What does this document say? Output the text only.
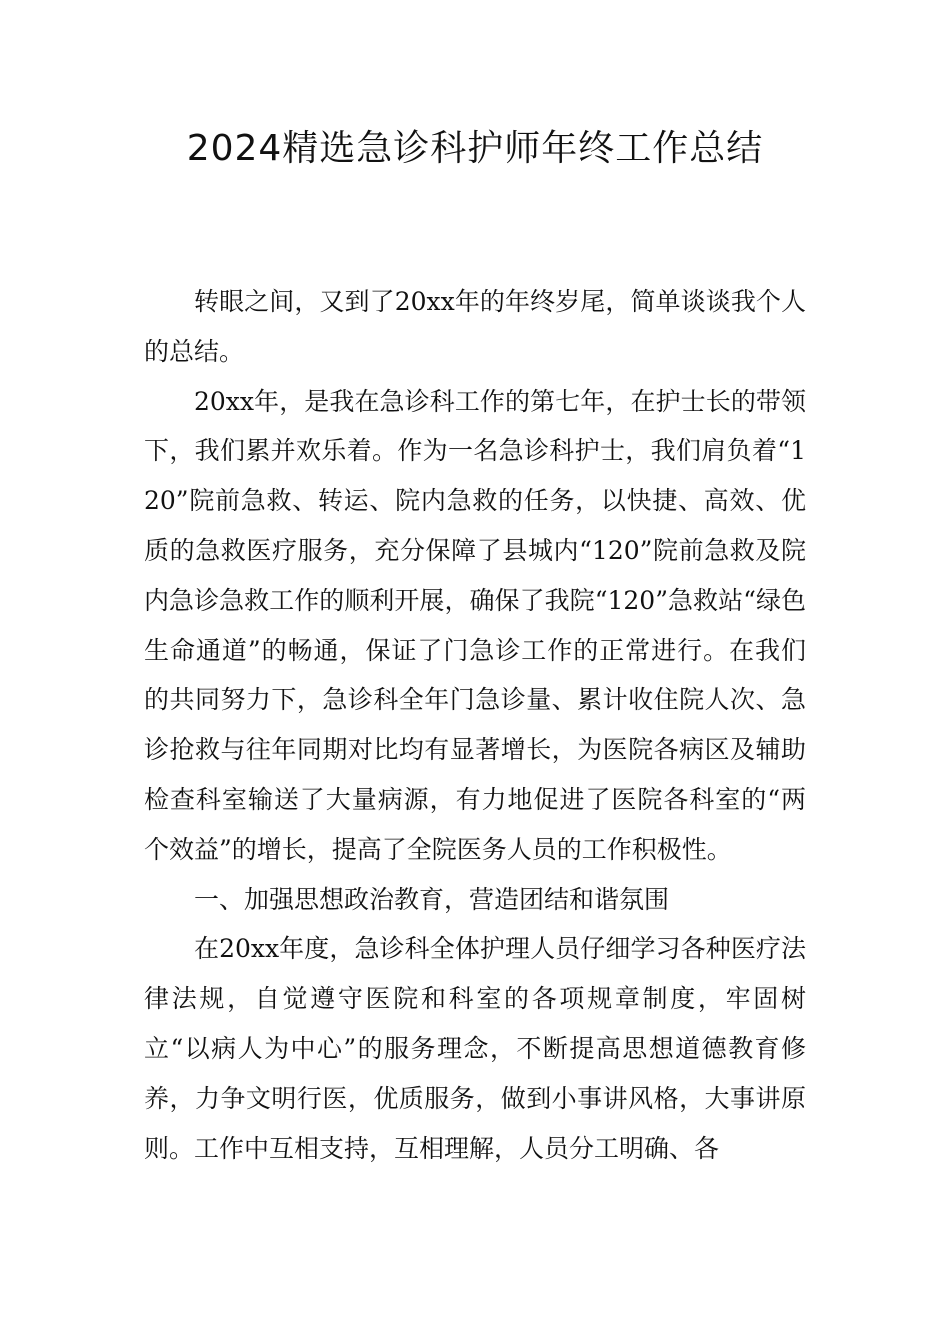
2024精选急诊科护师年终工作总结

转眼之间，又到了20xx年的年终岁尾，简单谈谈我个人的总结。

20xx年，是我在急诊科工作的第七年，在护士长的带领下，我们累并欢乐着。作为一名急诊科护士，我们肩负着“120”院前急救、转运、院内急救的任务，以快捷、高效、优质的急救医疗服务，充分保障了县城内“120”院前急救及院内急诊急救工作的顺利开展，确保了我院“120”急救站“绿色生命通道”的畅通，保证了门急诊工作的正常进行。在我们的共同努力下，急诊科全年门急诊量、累计收住院人次、急诊抢救与往年同期对比均有显著增长，为医院各病区及辅助检查科室输送了大量病源，有力地促进了医院各科室的“两个效益”的增长，提高了全院医务人员的工作积极性。

一、加强思想政治教育，营造团结和谐氛围

在20xx年度，急诊科全体护理人员仔细学习各种医疗法律法规，自觉遵守医院和科室的各项规章制度，牢固树立“以病人为中心”的服务理念，不断提高思想道德教育修养，力争文明行医，优质服务，做到小事讲风格，大事讲原则。工作中互相支持，互相理解，人员分工明确、各
